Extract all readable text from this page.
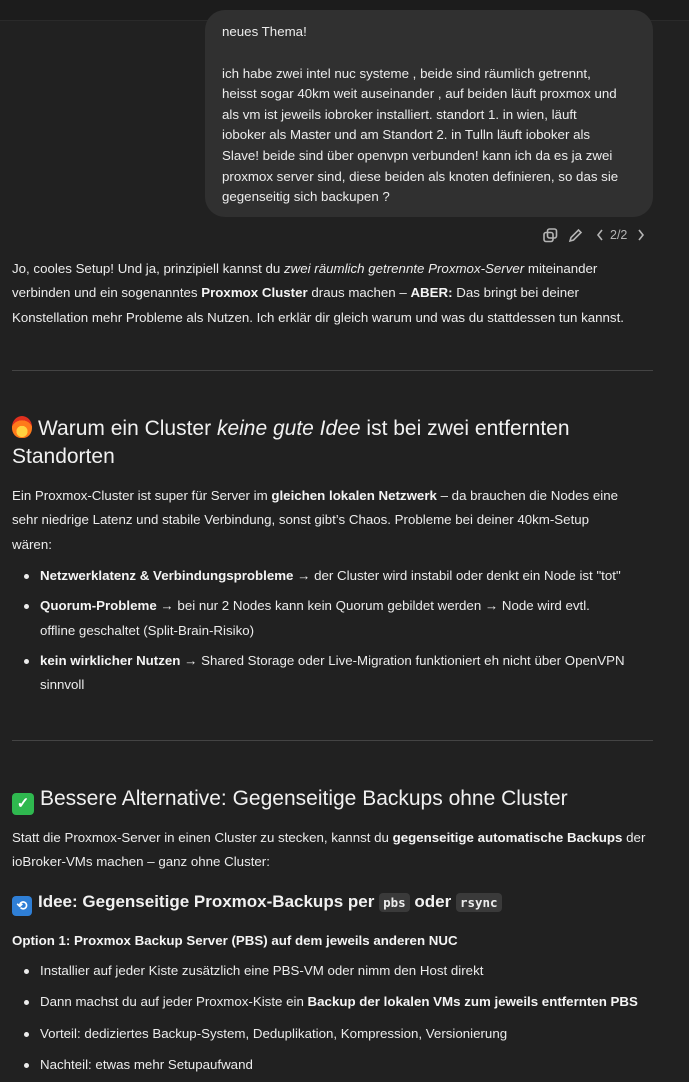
neues Thema!

ich habe zwei intel nuc systeme , beide sind räumlich getrennt,

heisst sogar 40km weit auseinander , auf beiden läuft proxmox und

als vm ist jeweils iobroker installiert. standort 1. in wien, läuft

ioboker als Master und am Standort 2. in Tulln läuft ioboker als

Slave! beide sind über openvpn verbunden! kann ich da es ja zwei

proxmox server sind, diese beiden als knoten definieren, so das sie

gegenseitig sich backupen ?

2/2

Jo, cooles Setup! Und ja, prinzipiell kannst du zwei räumlich getrennte Proxmox-Server miteinander
verbinden und ein sogenanntes Proxmox Cluster draus machen – ABER: Das bringt bei deiner
Konstellation mehr Probleme als Nutzen. Ich erklär dir gleich warum und was du stattdessen tun kannst.

Warum ein Cluster keine gute Idee ist bei zwei entfernten
Standorten

Ein Proxmox-Cluster ist super für Server im gleichen lokalen Netzwerk – da brauchen die Nodes eine
sehr niedrige Latenz und stabile Verbindung, sonst gibt’s Chaos. Probleme bei deiner 40km-Setup
wären:

Netzwerklatenz & Verbindungsprobleme → der Cluster wird instabil oder denkt ein Node ist "tot"
Quorum-Probleme → bei nur 2 Nodes kann kein Quorum gebildet werden → Node wird evtl.
offline geschaltet (Split-Brain-Risiko)
kein wirklicher Nutzen → Shared Storage oder Live-Migration funktioniert eh nicht über OpenVPN
sinnvoll
✓ Bessere Alternative: Gegenseitige Backups ohne Cluster

Statt die Proxmox-Server in einen Cluster zu stecken, kannst du gegenseitige automatische Backups der
ioBroker-VMs machen – ganz ohne Cluster:

⟲ Idee: Gegenseitige Proxmox-Backups per pbs oder rsync

Option 1: Proxmox Backup Server (PBS) auf dem jeweils anderen NUC

Installier auf jeder Kiste zusätzlich eine PBS-VM oder nimm den Host direkt
Dann machst du auf jeder Proxmox-Kiste ein Backup der lokalen VMs zum jeweils entfernten PBS
Vorteil: dediziertes Backup-System, Deduplikation, Kompression, Versionierung
Nachteil: etwas mehr Setupaufwand
